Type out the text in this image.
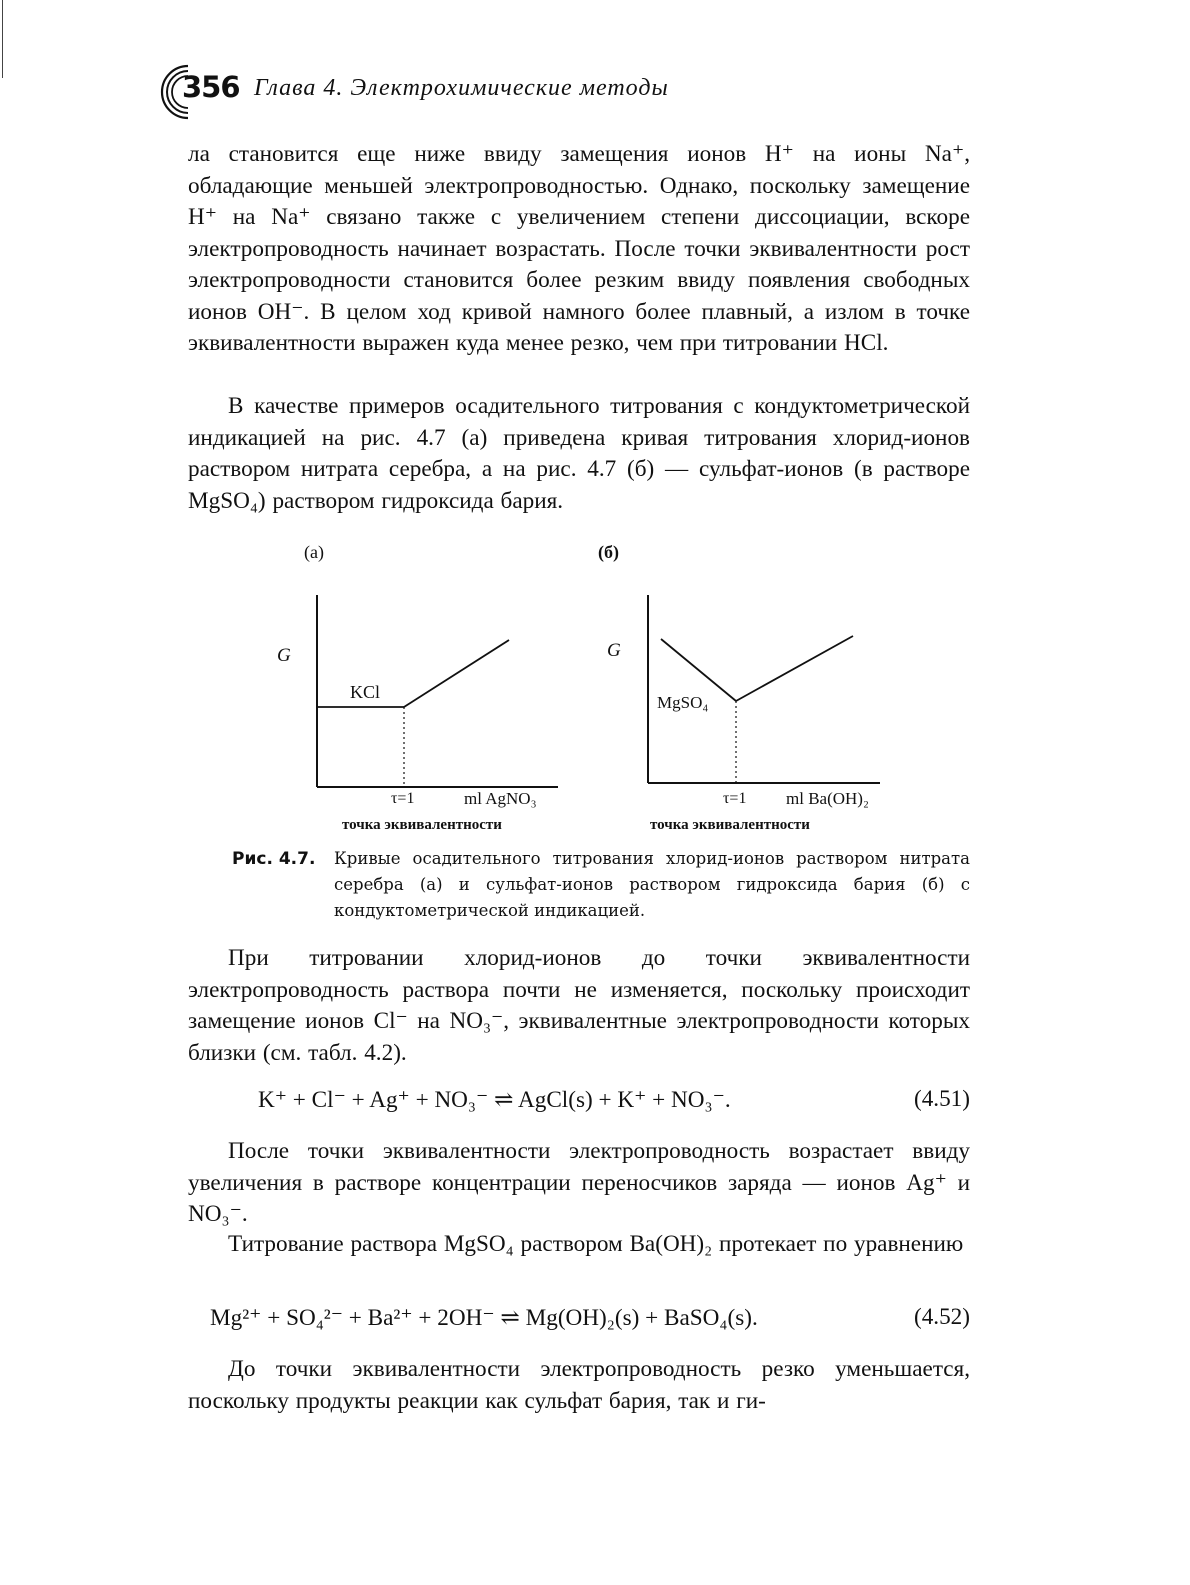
356 Глава 4. Электрохимические методы
ла становится еще ниже ввиду замещения ионов H⁺ на ионы Na⁺, обладающие меньшей электропроводностью. Однако, поскольку замещение H⁺ на Na⁺ связано также с увеличением степени диссоциации, вскоре электропроводность начинает возрастать. После точки эквивалентности рост электропроводности становится более резким ввиду появления свободных ионов OH⁻. В целом ход кривой намного более плавный, а излом в точке эквивалентности выражен куда менее резко, чем при титровании HCl.
В качестве примеров осадительного титрования с кондуктометрической индикацией на рис. 4.7 (а) приведена кривая титрования хлорид-ионов раствором нитрата серебра, а на рис. 4.7 (б) — сульфат-ионов (в растворе MgSO₄) раствором гидроксида бария.
(а)
G
KCl
τ=1	ml AgNO₃
точка эквивалентности
(б)
G
MgSO₄
τ=1 ml Ba(OH)₂
точка эквивалентности
Рис. 4.7. Кривые осадительного титрования хлорид-ионов раствором нитрата серебра (а) и сульфат-ионов раствором гидроксида бария (б) с кондуктометрической индикацией.
При титровании хлорид-ионов до точки эквивалентности электропроводность раствора почти не изменяется, поскольку происходит замещение ионов Cl⁻ на NO₃⁻, эквивалентные электропроводности которых близки (см. табл. 4.2).
K⁺ + Cl⁻ + Ag⁺ + NO₃⁻ ⇌ AgCl(s) + K⁺ + NO₃⁻.	(4.51)
После точки эквивалентности электропроводность возрастает ввиду увеличения в растворе концентрации переносчиков заряда — ионов Ag⁺ и NO₃⁻.
Титрование раствора MgSO₄ раствором Ba(OH)₂ протекает по уравнению
Mg²⁺ + SO₄²⁻ + Ba²⁺ + 2OH⁻ ⇌ Mg(OH)₂(s) + BaSO₄(s).	(4.52)
До точки эквивалентности электропроводность резко уменьшается, поскольку продукты реакции как сульфат бария, так и ги-
